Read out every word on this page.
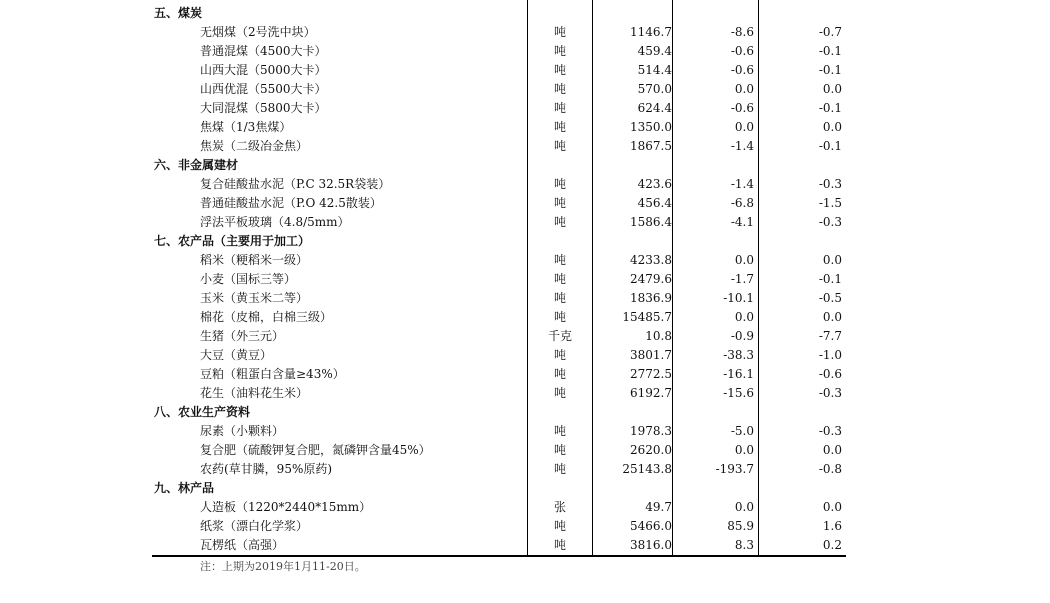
五、煤炭
无烟煤（2号洗中块）	吨	1146.7	-8.6	-0.7
普通混煤（4500大卡）	吨	459.4	-0.6	-0.1
山西大混（5000大卡）	吨	514.4	-0.6	-0.1
山西优混（5500大卡）	吨	570.0	0.0	0.0
大同混煤（5800大卡）	吨	624.4	-0.6	-0.1
焦煤（1/3焦煤）	吨	1350.0	0.0	0.0
焦炭（二级冶金焦）	吨	1867.5	-1.4	-0.1
六、非金属建材
复合硅酸盐水泥（P.C 32.5R袋装）	吨	423.6	-1.4	-0.3
普通硅酸盐水泥（P.O 42.5散装）	吨	456.4	-6.8	-1.5
浮法平板玻璃（4.8/5mm）	吨	1586.4	-4.1	-0.3
七、农产品（主要用于加工）
稻米（粳稻米一级）	吨	4233.8	0.0	0.0
小麦（国标三等）	吨	2479.6	-1.7	-0.1
玉米（黄玉米二等）	吨	1836.9	-10.1	-0.5
棉花（皮棉，白棉三级）	吨	15485.7	0.0	0.0
生猪（外三元）	千克	10.8	-0.9	-7.7
大豆（黄豆）	吨	3801.7	-38.3	-1.0
豆粕（粗蛋白含量≥43%）	吨	2772.5	-16.1	-0.6
花生（油料花生米）	吨	6192.7	-15.6	-0.3
八、农业生产资料
尿素（小颗料）	吨	1978.3	-5.0	-0.3
复合肥（硫酸钾复合肥，氮磷钾含量45%）	吨	2620.0	0.0	0.0
农药(草甘膦，95%原药)	吨	25143.8	-193.7	-0.8
九、林产品
人造板（1220*2440*15mm）	张	49.7	0.0	0.0
纸浆（漂白化学浆）	吨	5466.0	85.9	1.6
瓦楞纸（高强）	吨	3816.0	8.3	0.2
注：上期为2019年1月11-20日。
